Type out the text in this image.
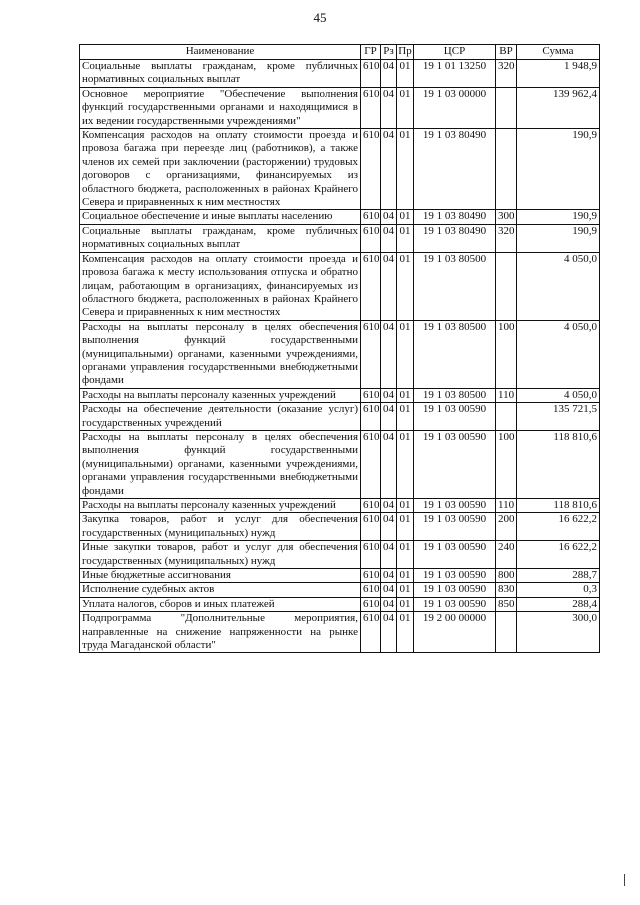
45
Наименование	ГР	Рз	Пр	ЦСР	ВР	Сумма
Социальные выплаты гражданам, кроме публичных нормативных социальных выплат	610	04	01	19 1 01 13250	320	1 948,9
Основное мероприятие "Обеспечение выполнения функций государственными органами и находящимися в их ведении государственными учреждениями"	610	04	01	19 1 03 00000		139 962,4
Компенсация расходов на оплату стоимости проезда и провоза багажа при переезде лиц (работников), а также членов их семей при заключении (расторжении) трудовых договоров с организациями, финансируемых из областного бюджета, расположенных в районах Крайнего Севера и приравненных к ним местностях	610	04	01	19 1 03 80490		190,9
Социальное обеспечение и иные выплаты населению	610	04	01	19 1 03 80490	300	190,9
Социальные выплаты гражданам, кроме публичных нормативных социальных выплат	610	04	01	19 1 03 80490	320	190,9
Компенсация расходов на оплату стоимости проезда и провоза багажа к месту использования отпуска и обратно лицам, работающим в организациях, финансируемых из областного бюджета, расположенных в районах Крайнего Севера и приравненных к ним местностях	610	04	01	19 1 03 80500		4 050,0
Расходы на выплаты персоналу в целях обеспечения выполнения функций государственными (муниципальными) органами, казенными учреждениями, органами управления государственными внебюджетными фондами	610	04	01	19 1 03 80500	100	4 050,0
Расходы на выплаты персоналу казенных учреждений	610	04	01	19 1 03 80500	110	4 050,0
Расходы на обеспечение деятельности (оказание услуг) государственных учреждений	610	04	01	19 1 03 00590		135 721,5
Расходы на выплаты персоналу в целях обеспечения выполнения функций государственными (муниципальными) органами, казенными учреждениями, органами управления государственными внебюджетными фондами	610	04	01	19 1 03 00590	100	118 810,6
Расходы на выплаты персоналу казенных учреждений	610	04	01	19 1 03 00590	110	118 810,6
Закупка товаров, работ и услуг для обеспечения государственных (муниципальных) нужд	610	04	01	19 1 03 00590	200	16 622,2
Иные закупки товаров, работ и услуг для обеспечения государственных (муниципальных) нужд	610	04	01	19 1 03 00590	240	16 622,2
Иные бюджетные ассигнования	610	04	01	19 1 03 00590	800	288,7
Исполнение судебных актов	610	04	01	19 1 03 00590	830	0,3
Уплата налогов, сборов и иных платежей	610	04	01	19 1 03 00590	850	288,4
Подпрограмма "Дополнительные мероприятия, направленные на снижение напряженности на рынке труда Магаданской области"	610	04	01	19 2 00 00000		300,0
